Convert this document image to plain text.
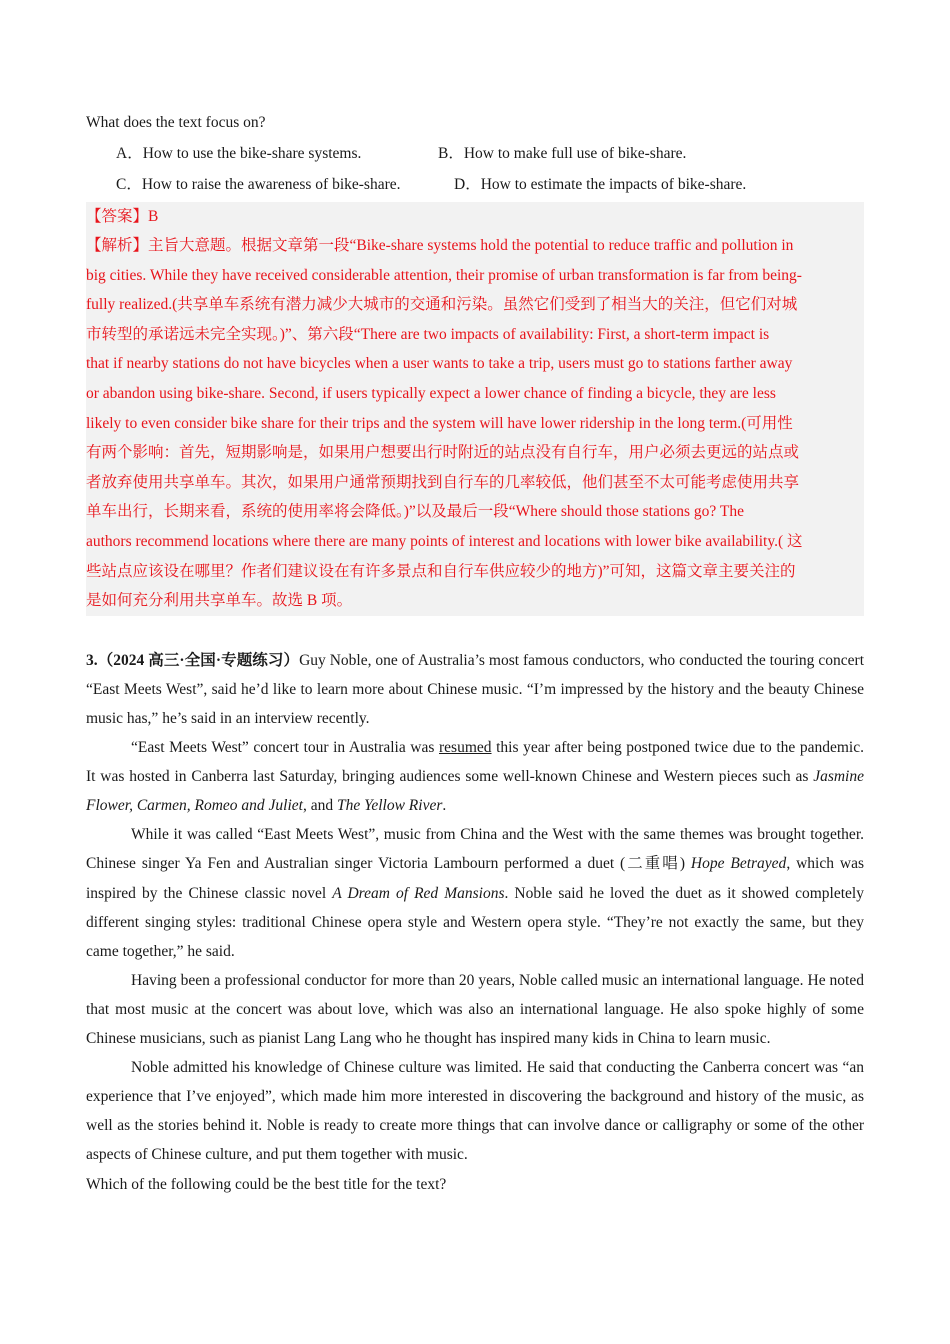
What does the text focus on?
A．How to use the bike-share systems.	B．How to make full use of bike-share.
C．How to raise the awareness of bike-share.	D．How to estimate the impacts of bike-share.
【答案】B
【解析】主旨大意题。根据文章第一段“Bike-share systems hold the potential to reduce traffic and pollution in
big cities. While they have received considerable attention, their promise of urban transformation is far from being-
fully realized.(共享单车系统有潜力减少大城市的交通和污染。虽然它们受到了相当大的关注，但它们对城
市转型的承诺远未完全实现。)”、第六段“There are two impacts of availability: First, a short-term impact is
that if nearby stations do not have bicycles when a user wants to take a trip, users must go to stations farther away
or abandon using bike-share. Second, if users typically expect a lower chance of finding a bicycle, they are less
likely to even consider bike share for their trips and the system will have lower ridership in the long term.(可用性
有两个影响：首先，短期影响是，如果用户想要出行时附近的站点没有自行车，用户必须去更远的站点或
者放弃使用共享单车。其次，如果用户通常预期找到自行车的几率较低，他们甚至不太可能考虑使用共享
单车出行，长期来看，系统的使用率将会降低。)”以及最后一段“Where should those stations go? The
authors recommend locations where there are many points of interest and locations with lower bike availability.( 这
些站点应该设在哪里？作者们建议设在有许多景点和自行车供应较少的地方)”可知，这篇文章主要关注的
是如何充分利用共享单车。故选 B 项。

3.（2024 高三·全国·专题练习）Guy Noble, one of Australia’s most famous conductors, who conducted the touring concert “East Meets West”, said he’d like to learn more about Chinese music. “I’m impressed by the history and the beauty Chinese music has,” he’s said in an interview recently.

“East Meets West” concert tour in Australia was resumed this year after being postponed twice due to the pandemic. It was hosted in Canberra last Saturday, bringing audiences some well-known Chinese and Western pieces such as Jasmine Flower, Carmen, Romeo and Juliet, and The Yellow River.

While it was called “East Meets West”, music from China and the West with the same themes was brought together. Chinese singer Ya Fen and Australian singer Victoria Lambourn performed a duet (二重唱) Hope Betrayed, which was inspired by the Chinese classic novel A Dream of Red Mansions. Noble said he loved the duet as it showed completely different singing styles: traditional Chinese opera style and Western opera style. “They’re not exactly the same, but they came together,” he said.

Having been a professional conductor for more than 20 years, Noble called music an international language. He noted that most music at the concert was about love, which was also an international language. He also spoke highly of some Chinese musicians, such as pianist Lang Lang who he thought has inspired many kids in China to learn music.

Noble admitted his knowledge of Chinese culture was limited. He said that conducting the Canberra concert was “an experience that I’ve enjoyed”, which made him more interested in discovering the background and history of the music, as well as the stories behind it. Noble is ready to create more things that can involve dance or calligraphy or some of the other aspects of Chinese culture, and put them together with music.

Which of the following could be the best title for the text?
